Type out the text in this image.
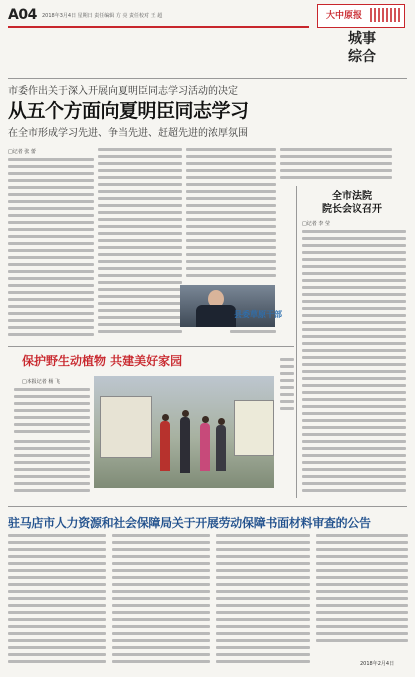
A04 2018年3月4日 星期日 责任编辑 方 亮 责任校对 王 超	大中原报
城事
综合
市委作出关于深入开展向夏明臣同志学习活动的决定
从五个方面向夏明臣同志学习
在全市形成学习先进、争当先进、赶超先进的浓厚氛围
□记者 张 蕾
县委草原干部
全市法院
院长会议召开
□记者 李 莹
保护野生动植物 共建美好家园
□本报记者 杨 飞
驻马店市人力资源和社会保障局关于开展劳动保障书面材料审查的公告
2018年2月4日
